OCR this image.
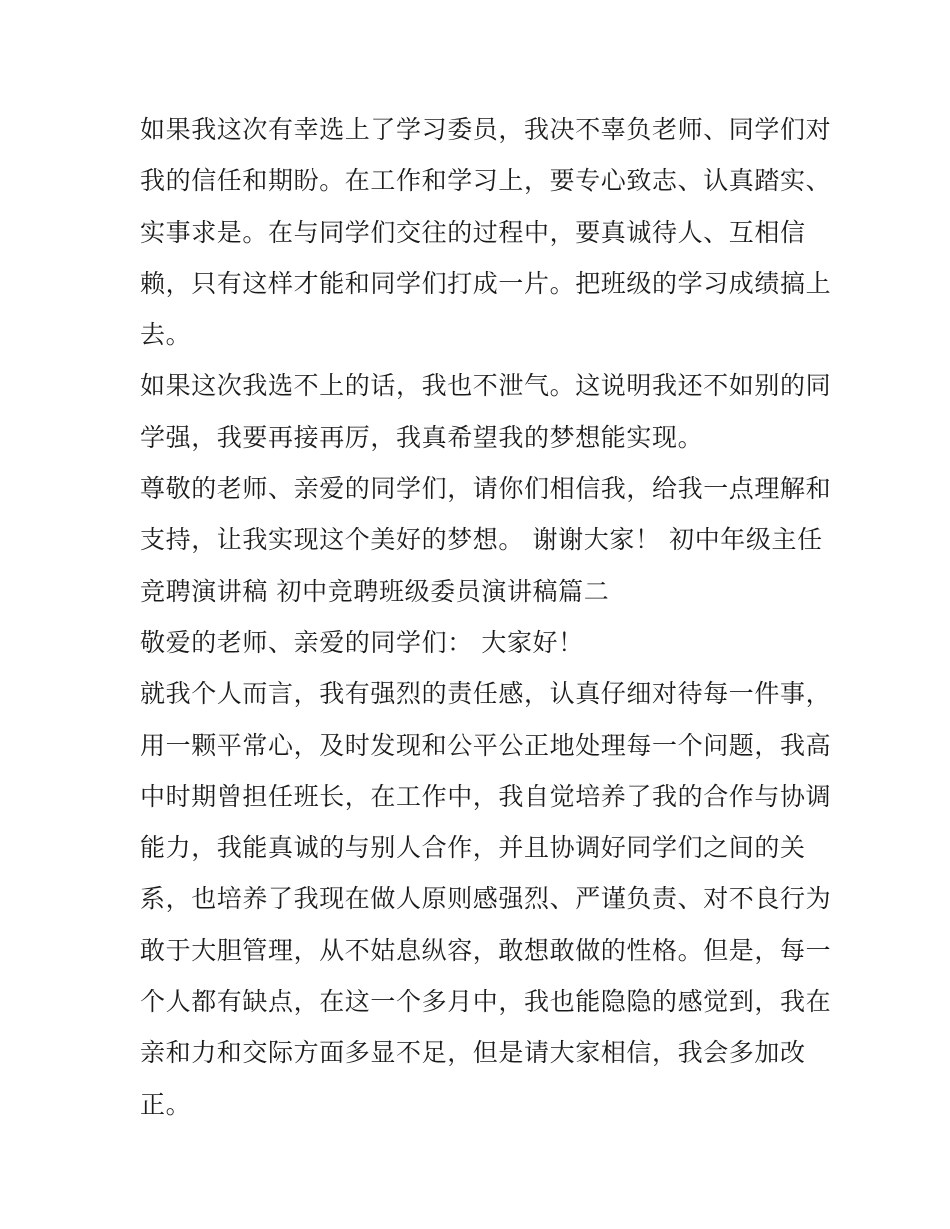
如果我这次有幸选上了学习委员，我决不辜负老师、同学们对
我的信任和期盼。在工作和学习上，要专心致志、认真踏实、
实事求是。在与同学们交往的过程中，要真诚待人、互相信
赖，只有这样才能和同学们打成一片。把班级的学习成绩搞上
去。
如果这次我选不上的话，我也不泄气。这说明我还不如别的同
学强，我要再接再厉，我真希望我的梦想能实现。
尊敬的老师、亲爱的同学们，请你们相信我，给我一点理解和
支持，让我实现这个美好的梦想。 谢谢大家！ 初中年级主任
竞聘演讲稿 初中竞聘班级委员演讲稿篇二
敬爱的老师、亲爱的同学们： 大家好！
就我个人而言，我有强烈的责任感，认真仔细对待每一件事，
用一颗平常心，及时发现和公平公正地处理每一个问题，我高
中时期曾担任班长，在工作中，我自觉培养了我的合作与协调
能力，我能真诚的与别人合作，并且协调好同学们之间的关
系，也培养了我现在做人原则感强烈、严谨负责、对不良行为
敢于大胆管理，从不姑息纵容，敢想敢做的性格。但是，每一
个人都有缺点，在这一个多月中，我也能隐隐的感觉到，我在
亲和力和交际方面多显不足，但是请大家相信，我会多加改
正。
